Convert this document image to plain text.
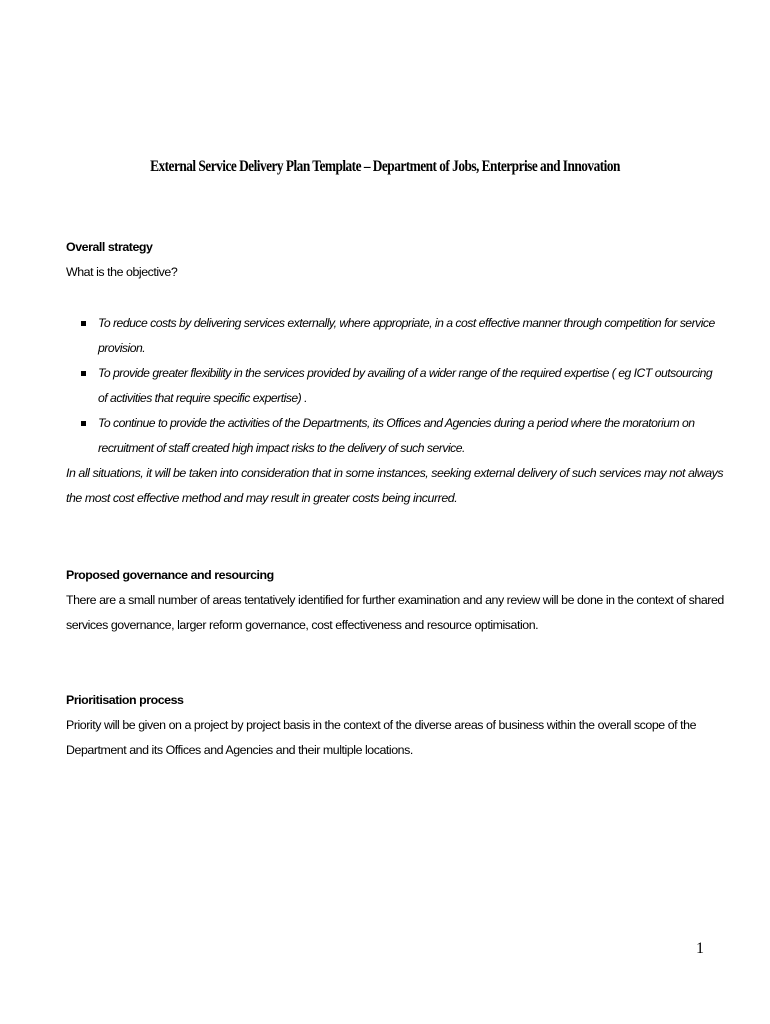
External Service Delivery Plan Template – Department of Jobs, Enterprise and Innovation
Overall strategy

What is the objective?

To reduce costs by delivering services externally, where appropriate, in a cost effective manner through competition for service provision.
To provide greater flexibility in the services provided by availing of a wider range of the required expertise ( eg ICT outsourcing of activities that require specific expertise) .
To continue to provide the activities of the Departments, its Offices and Agencies during a period where the moratorium on recruitment of staff created high impact risks to the delivery of such service.

In all situations, it will be taken into consideration that in some instances, seeking external delivery of such services may not always the most cost effective method and may result in greater costs being incurred.

Proposed governance and resourcing

There are a small number of areas tentatively identified for further examination and any review will be done in the context of shared services governance, larger reform governance, cost effectiveness and resource optimisation.

Prioritisation process

Priority will be given on a project by project basis in the context of the diverse areas of business within the overall scope of the Department and its Offices and Agencies and their multiple locations.

1
